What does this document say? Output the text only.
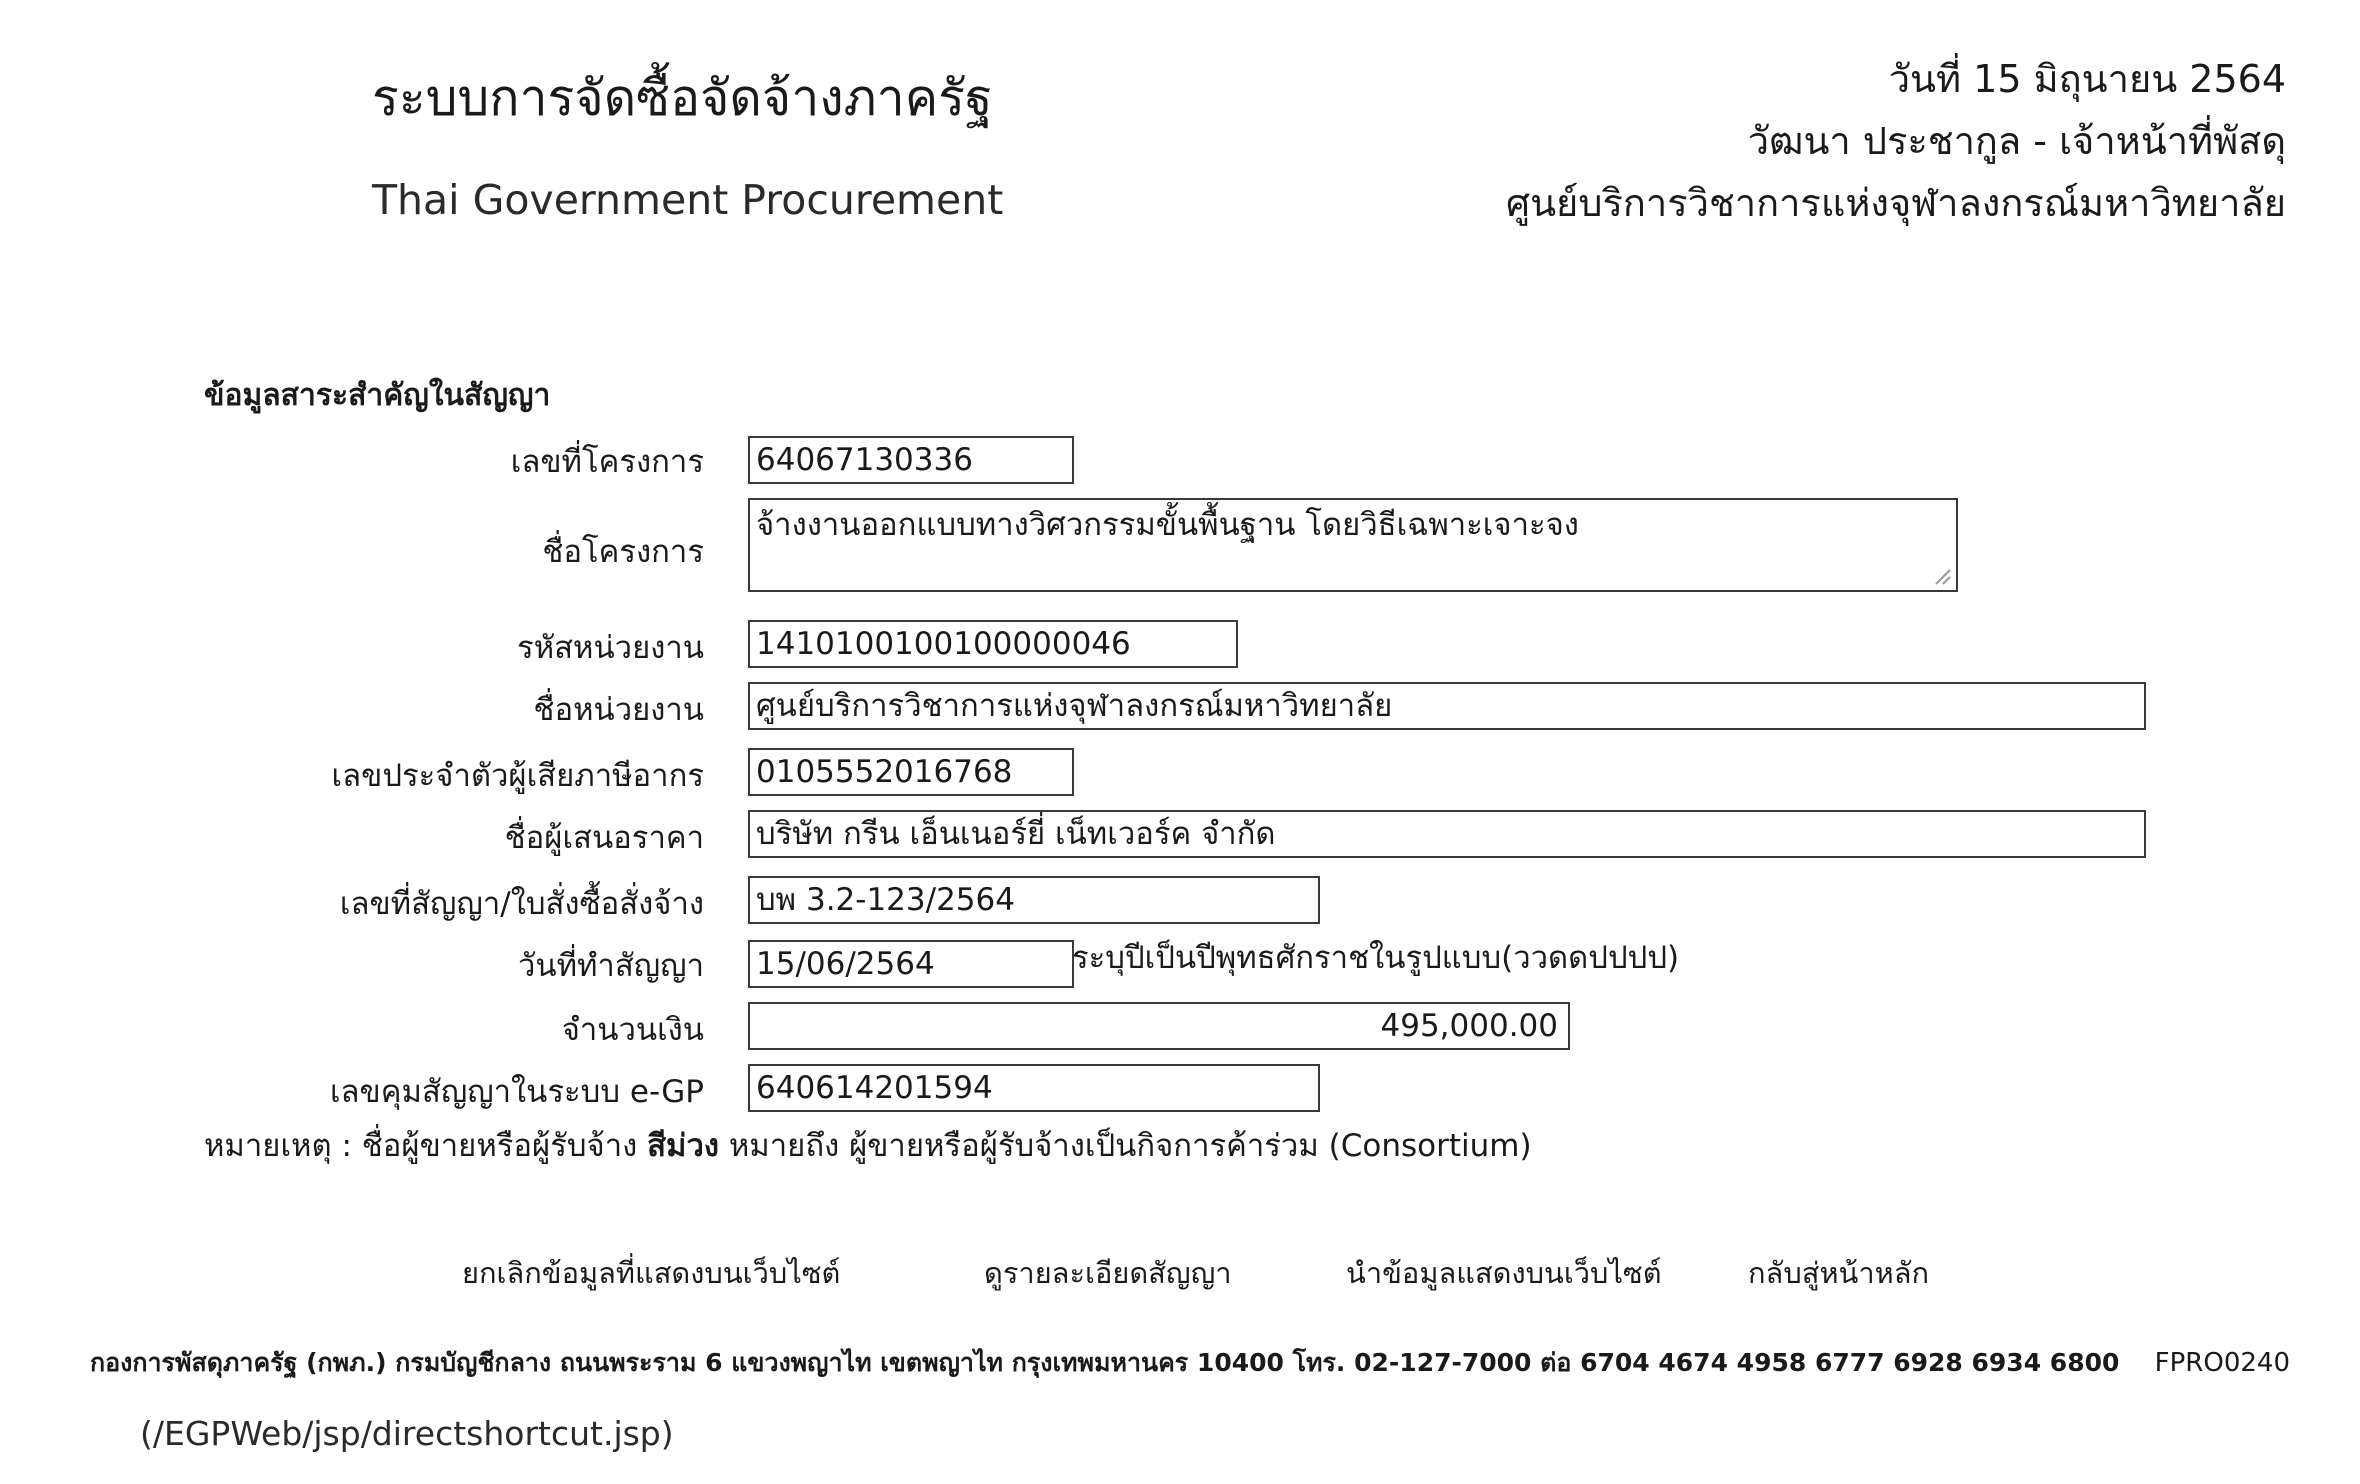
ระบบการจัดซื้อจัดจ้างภาครัฐ
Thai Government Procurement
วันที่ 15 มิถุนายน 2564
วัฒนา ประชากูล - เจ้าหน้าที่พัสดุ
ศูนย์บริการวิชาการแห่งจุฬาลงกรณ์มหาวิทยาลัย
ข้อมูลสาระสำคัญในสัญญา
เลขที่โครงการ 64067130336
ชื่อโครงการ
จ้างงานออกแบบทางวิศวกรรมขั้นพื้นฐาน โดยวิธีเฉพาะเจาะจง
รหัสหน่วยงาน 1410100100100000046
ชื่อหน่วยงาน ศูนย์บริการวิชาการแห่งจุฬาลงกรณ์มหาวิทยาลัย
เลขประจำตัวผู้เสียภาษีอากร 0105552016768
ชื่อผู้เสนอราคา บริษัท กรีน เอ็นเนอร์ยี่ เน็ทเวอร์ค จำกัด
เลขที่สัญญา/ใบสั่งซื้อสั่งจ้าง บพ 3.2-123/2564
วันที่ทำสัญญา 15/06/2564	ระบุปีเป็นปีพุทธศักราชในรูปแบบ(ววดดปปปป)
จำนวนเงิน	495,000.00
เลขคุมสัญญาในระบบ e-GP 640614201594
หมายเหตุ : ชื่อผู้ขายหรือผู้รับจ้าง สีม่วง หมายถึง ผู้ขายหรือผู้รับจ้างเป็นกิจการค้าร่วม (Consortium)
ยกเลิกข้อมูลที่แสดงบนเว็บไซต์	ดูรายละเอียดสัญญา	นำข้อมูลแสดงบนเว็บไซต์	กลับสู่หน้าหลัก
กองการพัสดุภาครัฐ (กพภ.) กรมบัญชีกลาง ถนนพระราม 6 แขวงพญาไท เขตพญาไท กรุงเทพมหานคร 10400 โทร. 02-127-7000 ต่อ 6704 4674 4958 6777 6928 6934 6800 FPRO0240
(/EGPWeb/jsp/directshortcut.jsp)
